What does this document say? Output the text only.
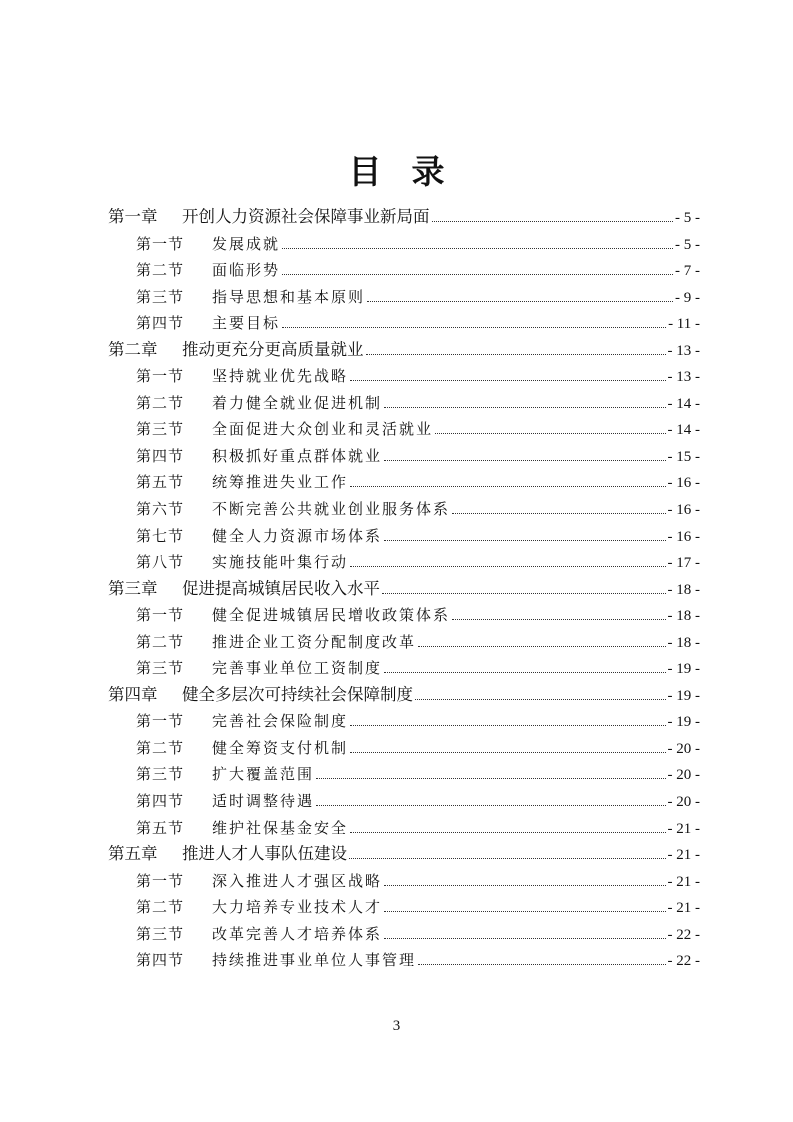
目录
第一章	开创人力资源社会保障事业新局面	- 5 -
第一节	发展成就	- 5 -
第二节	面临形势	- 7 -
第三节	指导思想和基本原则	- 9 -
第四节	主要目标	- 11 -
第二章	推动更充分更高质量就业	- 13 -
第一节	坚持就业优先战略	- 13 -
第二节	着力健全就业促进机制	- 14 -
第三节	全面促进大众创业和灵活就业	- 14 -
第四节	积极抓好重点群体就业	- 15 -
第五节	统筹推进失业工作	- 16 -
第六节	不断完善公共就业创业服务体系	- 16 -
第七节	健全人力资源市场体系	- 16 -
第八节	实施技能叶集行动	- 17 -
第三章	促进提高城镇居民收入水平	- 18 -
第一节	健全促进城镇居民增收政策体系	- 18 -
第二节	推进企业工资分配制度改革	- 18 -
第三节	完善事业单位工资制度	- 19 -
第四章	健全多层次可持续社会保障制度	- 19 -
第一节	完善社会保险制度	- 19 -
第二节	健全筹资支付机制	- 20 -
第三节	扩大覆盖范围	- 20 -
第四节	适时调整待遇	- 20 -
第五节	维护社保基金安全	- 21 -
第五章	推进人才人事队伍建设	- 21 -
第一节	深入推进人才强区战略	- 21 -
第二节	大力培养专业技术人才	- 21 -
第三节	改革完善人才培养体系	- 22 -
第四节	持续推进事业单位人事管理	- 22 -
3
